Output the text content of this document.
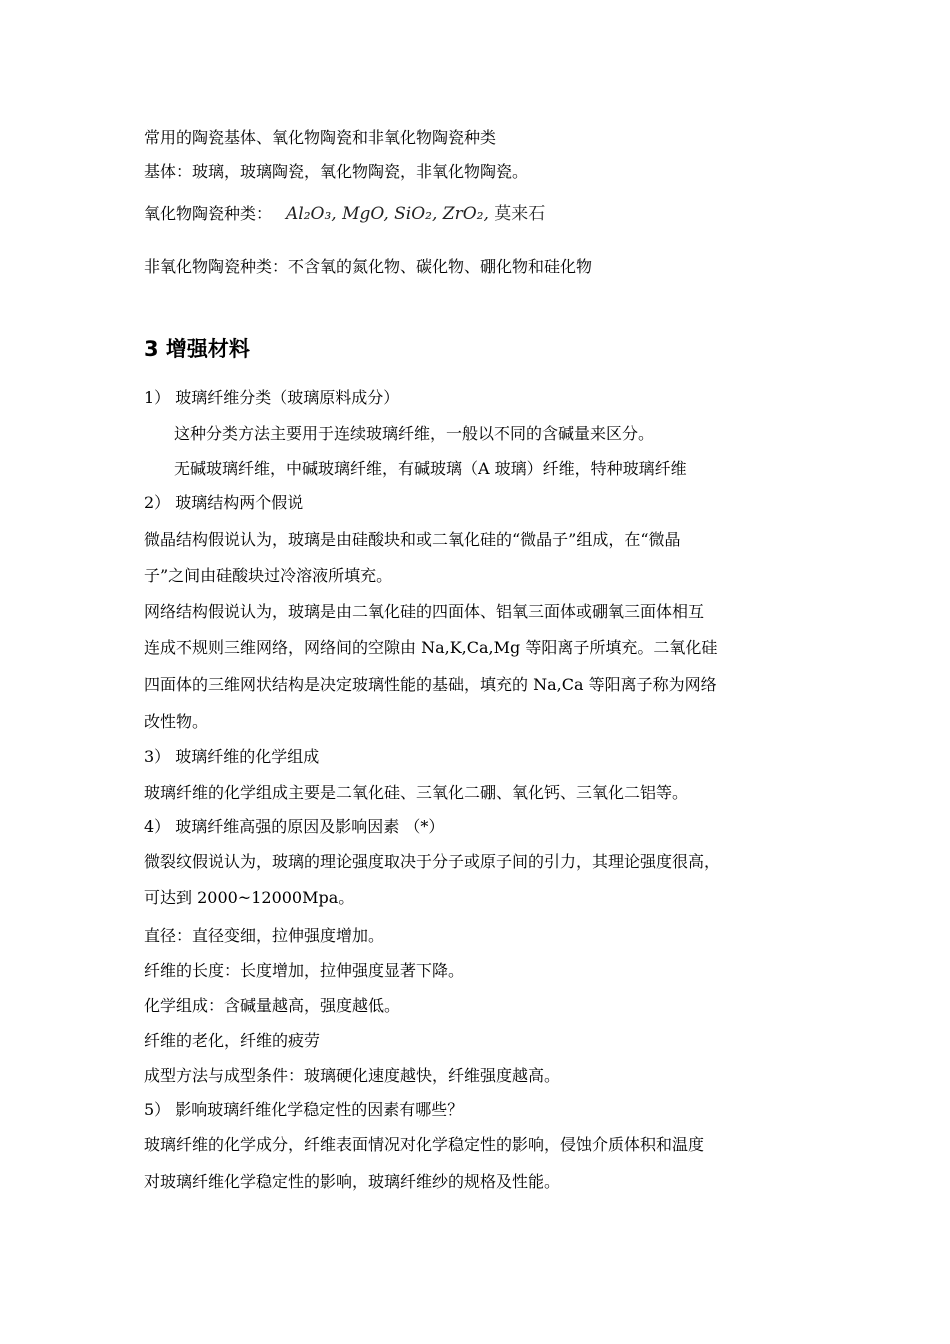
常用的陶瓷基体、氧化物陶瓷和非氧化物陶瓷种类
基体：玻璃，玻璃陶瓷，氧化物陶瓷，非氧化物陶瓷。
氧化物陶瓷种类： Al₂O₃, MgO, SiO₂, ZrO₂, 莫来石
非氧化物陶瓷种类：不含氧的氮化物、碳化物、硼化物和硅化物
3 增强材料
1） 玻璃纤维分类（玻璃原料成分）
这种分类方法主要用于连续玻璃纤维，一般以不同的含碱量来区分。
无碱玻璃纤维，中碱玻璃纤维，有碱玻璃（A 玻璃）纤维，特种玻璃纤维
2） 玻璃结构两个假说
微晶结构假说认为，玻璃是由硅酸块和或二氧化硅的“微晶子”组成，在“微晶
子”之间由硅酸块过冷溶液所填充。
网络结构假说认为，玻璃是由二氧化硅的四面体、铝氧三面体或硼氧三面体相互
连成不规则三维网络，网络间的空隙由 Na,K,Ca,Mg 等阳离子所填充。二氧化硅
四面体的三维网状结构是决定玻璃性能的基础，填充的 Na,Ca 等阳离子称为网络
改性物。
3） 玻璃纤维的化学组成
玻璃纤维的化学组成主要是二氧化硅、三氧化二硼、氧化钙、三氧化二铝等。
4） 玻璃纤维高强的原因及影响因素 （*）
微裂纹假说认为，玻璃的理论强度取决于分子或原子间的引力，其理论强度很高，
可达到 2000~12000Mpa。
直径：直径变细，拉伸强度增加。
纤维的长度：长度增加，拉伸强度显著下降。
化学组成：含碱量越高，强度越低。
纤维的老化，纤维的疲劳
成型方法与成型条件：玻璃硬化速度越快，纤维强度越高。
5） 影响玻璃纤维化学稳定性的因素有哪些？
玻璃纤维的化学成分，纤维表面情况对化学稳定性的影响，侵蚀介质体积和温度
对玻璃纤维化学稳定性的影响，玻璃纤维纱的规格及性能。
